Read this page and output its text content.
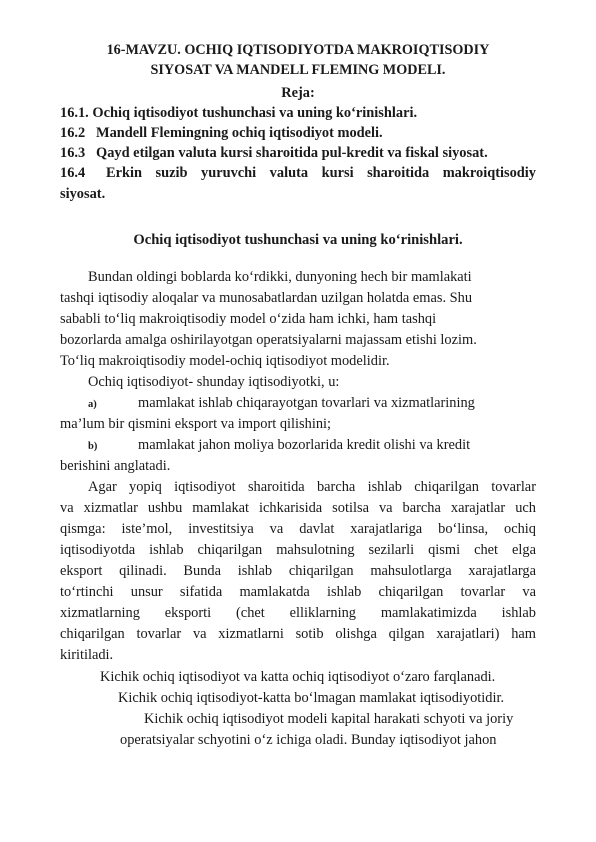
16-MAVZU. OCHIQ IQTISODIYOTDA MAKROIQTISODIY
SIYOSAT VA MANDELL FLEMING MODELI.
Reja:
16.1. Ochiq iqtisodiyot tushunchasi va uning ko‘rinishlari.
16.2 Mandell Flemingning ochiq iqtisodiyot modeli.
16.3 Qayd etilgan valuta kursi sharoitida pul-kredit va fiskal siyosat.
16.4 Erkin suzib yuruvchi valuta kursi sharoitida makroiqtisodiy
siyosat.
Ochiq iqtisodiyot tushunchasi va uning ko‘rinishlari.
Bundan oldingi boblarda ko‘rdikki, dunyoning hech bir mamlakati
tashqi iqtisodiy aloqalar va munosabatlardan uzilgan holatda emas. Shu
sababli to‘liq makroiqtisodiy model o‘zida ham ichki, ham tashqi
bozorlarda amalga oshirilayotgan operatsiyalarni majassam etishi lozim.
To‘liq makroiqtisodiy model-ochiq iqtisodiyot modelidir.
Ochiq iqtisodiyot- shunday iqtisodiyotki, u:
a)	mamlakat ishlab chiqarayotgan tovarlari va xizmatlarining
ma’lum bir qismini eksport va import qilishini;
b)	mamlakat jahon moliya bozorlarida kredit olishi va kredit
berishini anglatadi.
Agar yopiq iqtisodiyot sharoitida barcha ishlab chiqarilgan tovarlar
va xizmatlar ushbu mamlakat ichkarisida sotilsa va barcha xarajatlar uch
qismga: iste’mol, investitsiya va davlat xarajatlariga bo‘linsa, ochiq
iqtisodiyotda ishlab chiqarilgan mahsulotning sezilarli qismi chet elga
eksport qilinadi. Bunda ishlab chiqarilgan mahsulotlarga xarajatlarga
to‘rtinchi unsur sifatida mamlakatda ishlab chiqarilgan tovarlar va
xizmatlarning eksporti (chet elliklarning mamlakatimizda ishlab
chiqarilgan tovarlar va xizmatlarni sotib olishga qilgan xarajatlari) ham
kiritiladi.
Kichik ochiq iqtisodiyot va katta ochiq iqtisodiyot o‘zaro farqlanadi.
Kichik ochiq iqtisodiyot-katta bo‘lmagan mamlakat iqtisodiyotidir.
Kichik ochiq iqtisodiyot modeli kapital harakati schyoti va joriy
operatsiyalar schyotini o‘z ichiga oladi. Bunday iqtisodiyot jahon
